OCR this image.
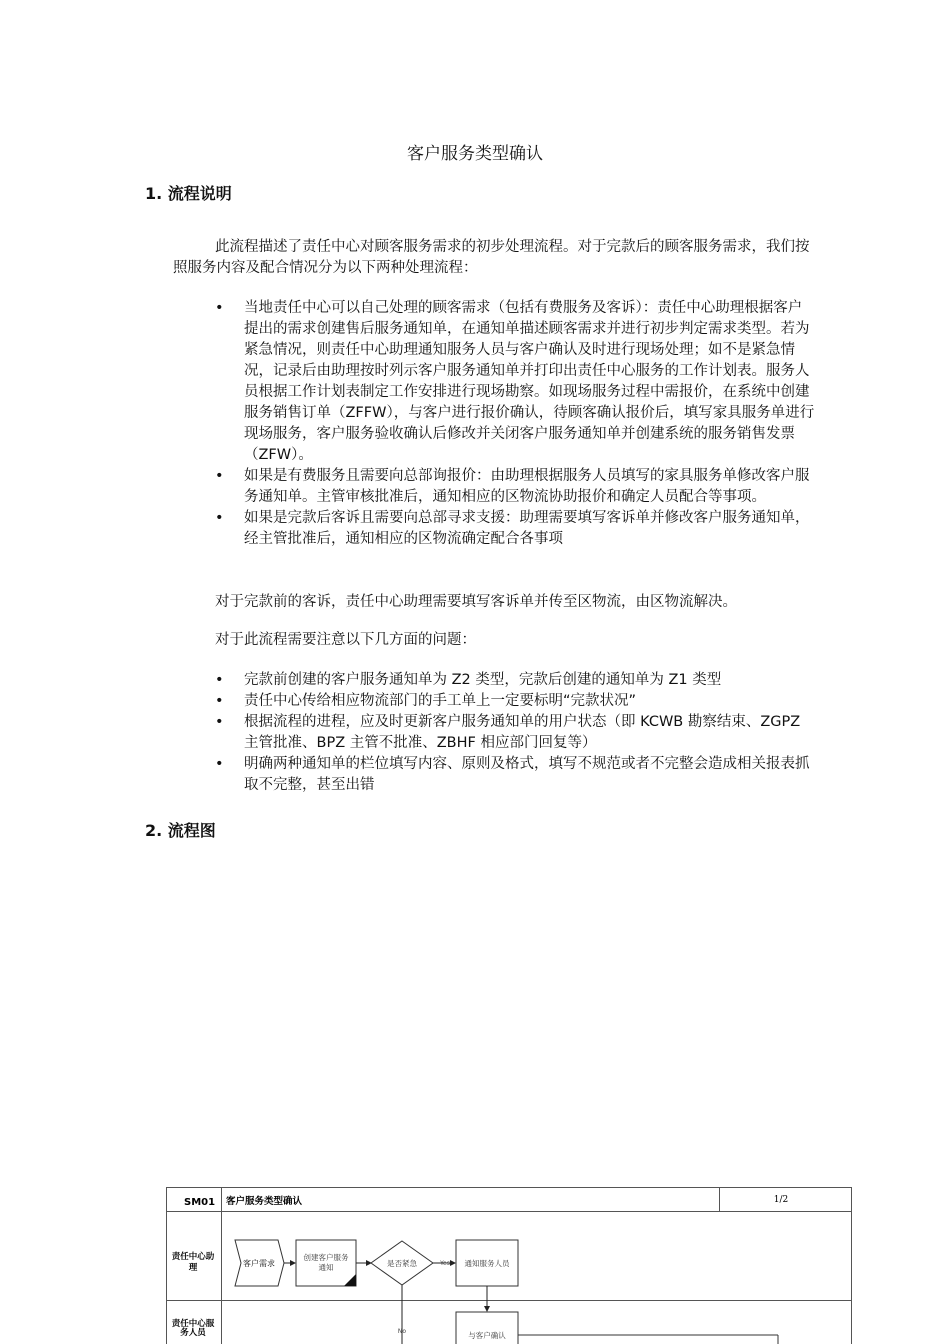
客户服务类型确认
1. 流程说明
此流程描述了责任中心对顾客服务需求的初步处理流程。对于完款后的顾客服务需求，我们按照服务内容及配合情况分为以下两种处理流程：
• 当地责任中心可以自己处理的顾客需求（包括有费服务及客诉）：责任中心助理根据客户提出的需求创建售后服务通知单，在通知单描述顾客需求并进行初步判定需求类型。若为紧急情况，则责任中心助理通知服务人员与客户确认及时进行现场处理；如不是紧急情况，记录后由助理按时列示客户服务通知单并打印出责任中心服务的工作计划表。服务人员根据工作计划表制定工作安排进行现场勘察。如现场服务过程中需报价，在系统中创建服务销售订单（ZFFW），与客户进行报价确认，待顾客确认报价后，填写家具服务单进行现场服务，客户服务验收确认后修改并关闭客户服务通知单并创建系统的服务销售发票（ZFW）。
• 如果是有费服务且需要向总部询报价：由助理根据服务人员填写的家具服务单修改客户服务通知单。主管审核批准后，通知相应的区物流协助报价和确定人员配合等事项。
• 如果是完款后客诉且需要向总部寻求支援：助理需要填写客诉单并修改客户服务通知单，经主管批准后，通知相应的区物流确定配合各事项
对于完款前的客诉，责任中心助理需要填写客诉单并传至区物流，由区物流解决。
对于此流程需要注意以下几方面的问题：
• 完款前创建的客户服务通知单为 Z2 类型，完款后创建的通知单为 Z1 类型
• 责任中心传给相应物流部门的手工单上一定要标明“完款状况”
• 根据流程的进程，应及时更新客户服务通知单的用户状态（即 KCWB 勘察结束、ZGPZ 主管批准、BPZ 主管不批准、ZBHF 相应部门回复等）
• 明确两种通知单的栏位填写内容、原则及格式，填写不规范或者不完整会造成相关报表抓取不完整，甚至出错
2. 流程图
SM01 客户服务类型确认	1/2
责任中心助理
责任中心服务人员
客户需求
创建客户服务通知	是否紧急	Yes
No
通知服务人员
与客户确认
